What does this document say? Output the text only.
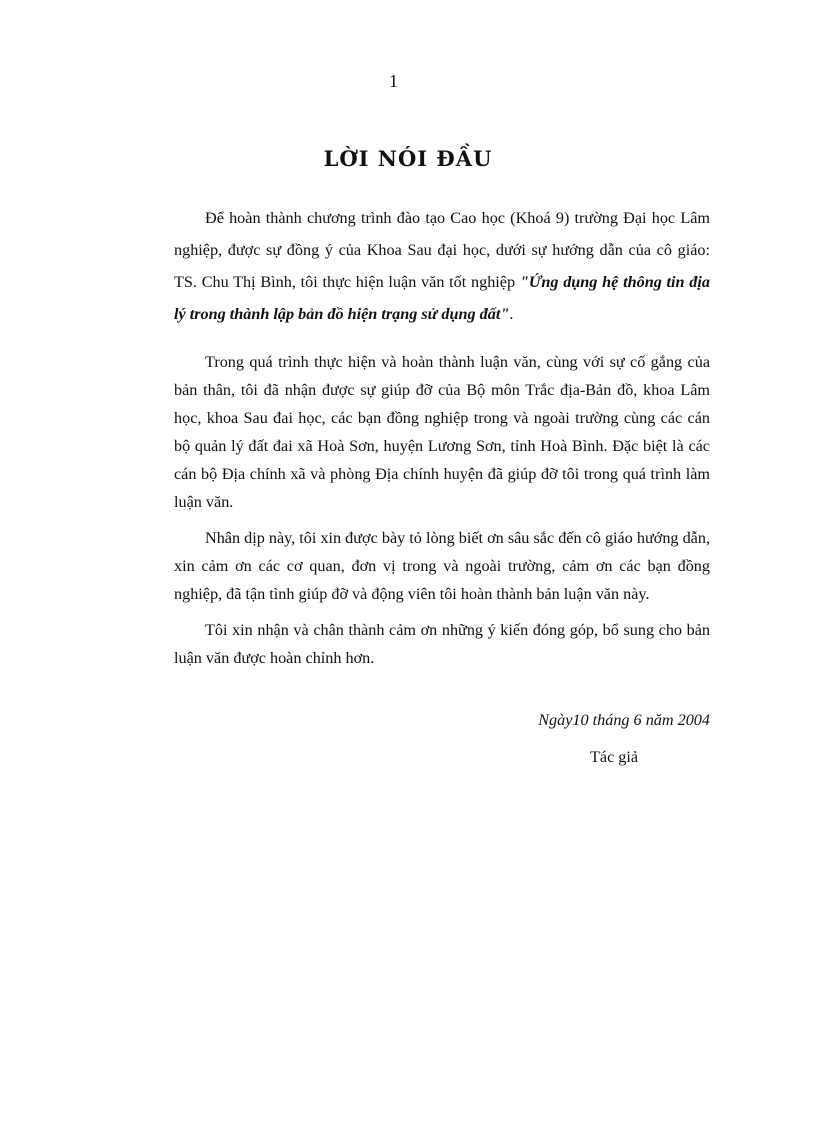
1
LỜI NÓI ĐẦU

Để hoàn thành chương trình đào tạo Cao học (Khoá 9) trường Đại học Lâm nghiệp, được sự đồng ý của Khoa Sau đại học, dưới sự hướng dẫn của cô giáo: TS. Chu Thị Bình, tôi thực hiện luận văn tốt nghiệp "Ứng dụng hệ thông tin địa lý trong thành lập bản đồ hiện trạng sử dụng đất".

Trong quá trình thực hiện và hoàn thành luận văn, cùng với sự cố gắng của bản thân, tôi đã nhận được sự giúp đỡ của Bộ môn Trắc địa-Bản đồ, khoa Lâm học, khoa Sau đai học, các bạn đồng nghiệp trong và ngoài trường cùng các cán bộ quản lý đất đai xã Hoà Sơn, huyện Lương Sơn, tỉnh Hoà Bình. Đặc biệt là các cán bộ Địa chính xã và phòng Địa chính huyện đã giúp đỡ tôi trong quá trình làm luận văn.

Nhân dịp này, tôi xin được bày tỏ lòng biết ơn sâu sắc đến cô giáo hướng dẫn, xin cảm ơn các cơ quan, đơn vị trong và ngoài trường, cảm ơn các bạn đồng nghiệp, đã tận tình giúp đỡ và động viên tôi hoàn thành bản luận văn này.

Tôi xin nhận và chân thành cảm ơn những ý kiến đóng góp, bổ sung cho bản luận văn được hoàn chỉnh hơn.

Ngày10 tháng 6 năm 2004
Tác giả
